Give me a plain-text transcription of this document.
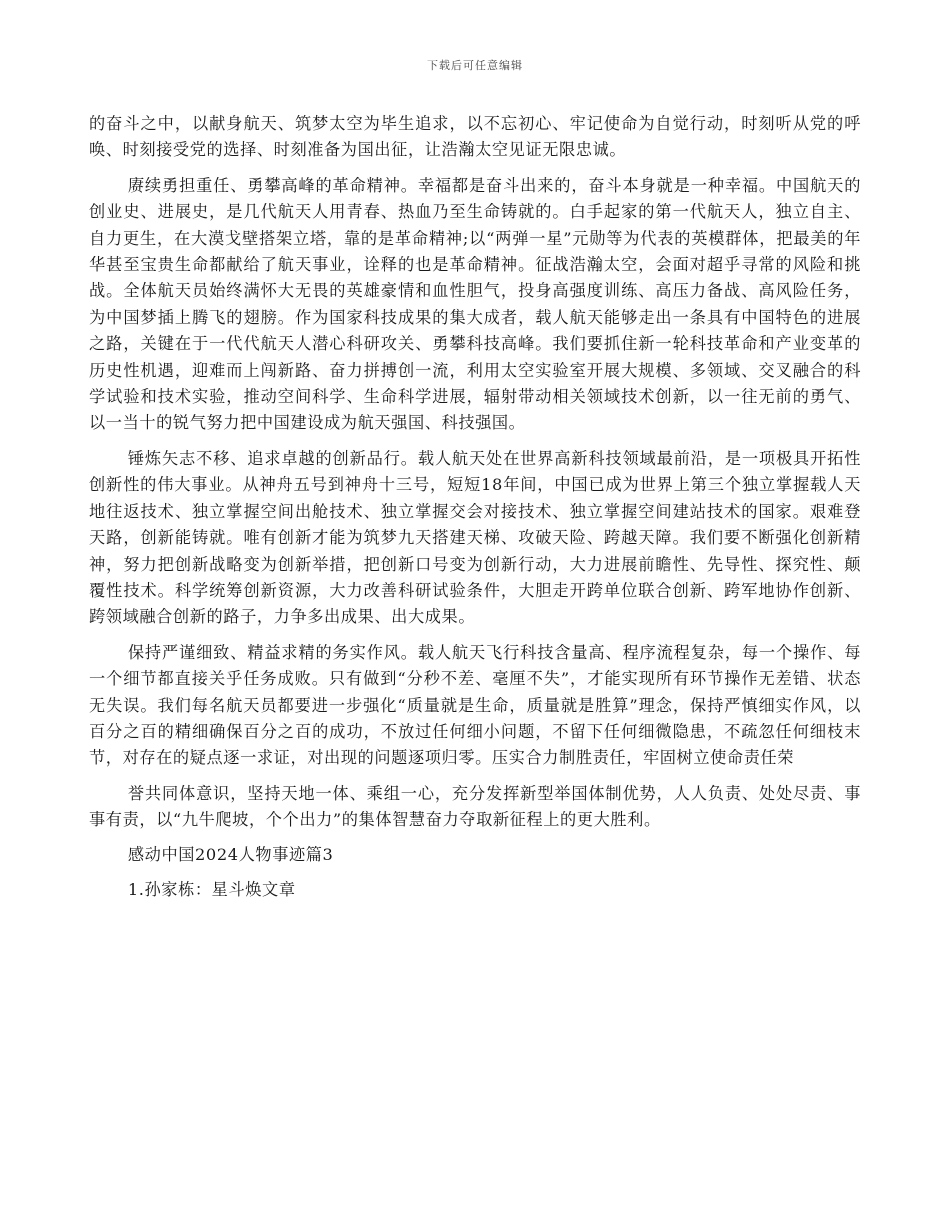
下载后可任意编辑

的奋斗之中，以献身航天、筑梦太空为毕生追求，以不忘初心、牢记使命为自觉行动，时刻听从党的呼唤、时刻接受党的选择、时刻准备为国出征，让浩瀚太空见证无限忠诚。

赓续勇担重任、勇攀高峰的革命精神。幸福都是奋斗出来的，奋斗本身就是一种幸福。中国航天的创业史、进展史，是几代航天人用青春、热血乃至生命铸就的。白手起家的第一代航天人，独立自主、自力更生，在大漠戈壁搭架立塔，靠的是革命精神;以“两弹一星”元勋等为代表的英模群体，把最美的年华甚至宝贵生命都献给了航天事业，诠释的也是革命精神。征战浩瀚太空，会面对超乎寻常的风险和挑战。全体航天员始终满怀大无畏的英雄豪情和血性胆气，投身高强度训练、高压力备战、高风险任务，为中国梦插上腾飞的翅膀。作为国家科技成果的集大成者，载人航天能够走出一条具有中国特色的进展之路，关键在于一代代航天人潜心科研攻关、勇攀科技高峰。我们要抓住新一轮科技革命和产业变革的历史性机遇，迎难而上闯新路、奋力拼搏创一流，利用太空实验室开展大规模、多领域、交叉融合的科学试验和技术实验，推动空间科学、生命科学进展，辐射带动相关领域技术创新，以一往无前的勇气、以一当十的锐气努力把中国建设成为航天强国、科技强国。

锤炼矢志不移、追求卓越的创新品行。载人航天处在世界高新科技领域最前沿，是一项极具开拓性创新性的伟大事业。从神舟五号到神舟十三号，短短18年间，中国已成为世界上第三个独立掌握载人天地往返技术、独立掌握空间出舱技术、独立掌握交会对接技术、独立掌握空间建站技术的国家。艰难登天路，创新能铸就。唯有创新才能为筑梦九天搭建天梯、攻破天险、跨越天障。我们要不断强化创新精神，努力把创新战略变为创新举措，把创新口号变为创新行动，大力进展前瞻性、先导性、探究性、颠覆性技术。科学统筹创新资源，大力改善科研试验条件，大胆走开跨单位联合创新、跨军地协作创新、跨领域融合创新的路子，力争多出成果、出大成果。

保持严谨细致、精益求精的务实作风。载人航天飞行科技含量高、程序流程复杂，每一个操作、每一个细节都直接关乎任务成败。只有做到“分秒不差、毫厘不失”，才能实现所有环节操作无差错、状态无失误。我们每名航天员都要进一步强化“质量就是生命，质量就是胜算”理念，保持严慎细实作风，以百分之百的精细确保百分之百的成功，不放过任何细小问题，不留下任何细微隐患，不疏忽任何细枝末节，对存在的疑点逐一求证，对出现的问题逐项归零。压实合力制胜责任，牢固树立使命责任荣

誉共同体意识，坚持天地一体、乘组一心，充分发挥新型举国体制优势，人人负责、处处尽责、事事有责，以“九牛爬坡，个个出力”的集体智慧奋力夺取新征程上的更大胜利。

感动中国2024人物事迹篇3

1.孙家栋：星斗焕文章
